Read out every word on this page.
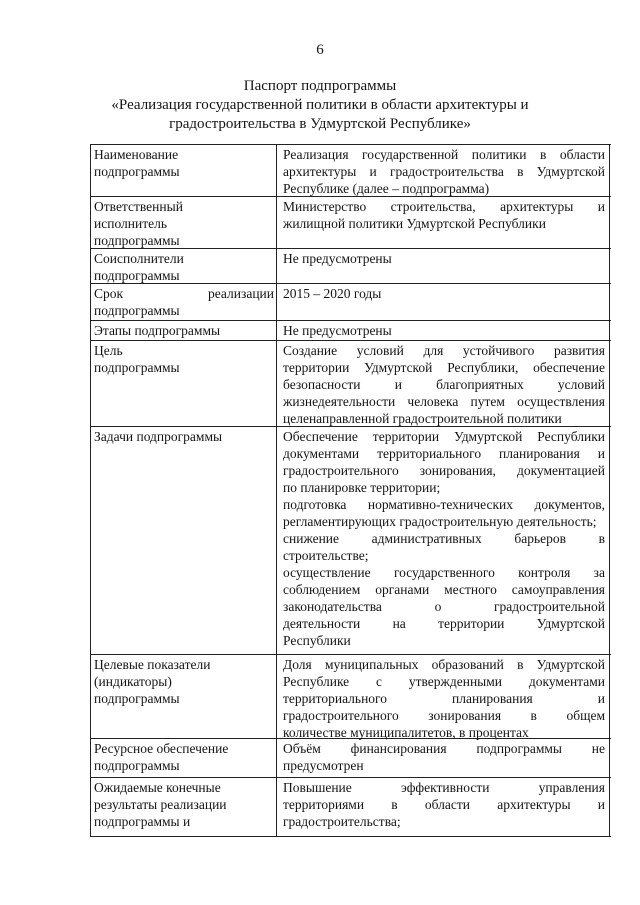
6
Паспорт подпрограммы
«Реализация государственной политики в области архитектуры и
градостроительства в Удмуртской Республике»
Наименование
подпрограммы
Реализация государственной политики в области
архитектуры и градостроительства в Удмуртской
Республике (далее – подпрограмма)
Ответственный
исполнитель
подпрограммы
Министерство строительства, архитектуры и
жилищной политики Удмуртской Республики
Соисполнители
подпрограммы
Не предусмотрены
Срок реализации
подпрограммы
2015 – 2020 годы
Этапы подпрограммы	Не предусмотрены
Цель
подпрограммы
Создание условий для устойчивого развития
территории Удмуртской Республики, обеспечение
безопасности и благоприятных условий
жизнедеятельности человека путем осуществления
целенаправленной градостроительной политики
Задачи подпрограммы	Обеспечение территории Удмуртской Республики
документами территориального планирования и
градостроительного зонирования, документацией
по планировке территории;
подготовка нормативно-технических документов,
регламентирующих градостроительную деятельность;
снижение административных барьеров в
строительстве;
осуществление государственного контроля за
соблюдением органами местного самоуправления
законодательства о градостроительной
деятельности на территории Удмуртской
Республики
Целевые показатели
(индикаторы)
подпрограммы
Доля муниципальных образований в Удмуртской
Республике с утвержденными документами
территориального планирования и
градостроительного зонирования в общем
количестве муниципалитетов, в процентах
Ресурсное обеспечение
подпрограммы
Объём финансирования подпрограммы не
предусмотрен
Ожидаемые конечные
результаты реализации
подпрограммы и
Повышение эффективности управления
территориями в области архитектуры и
градостроительства;
